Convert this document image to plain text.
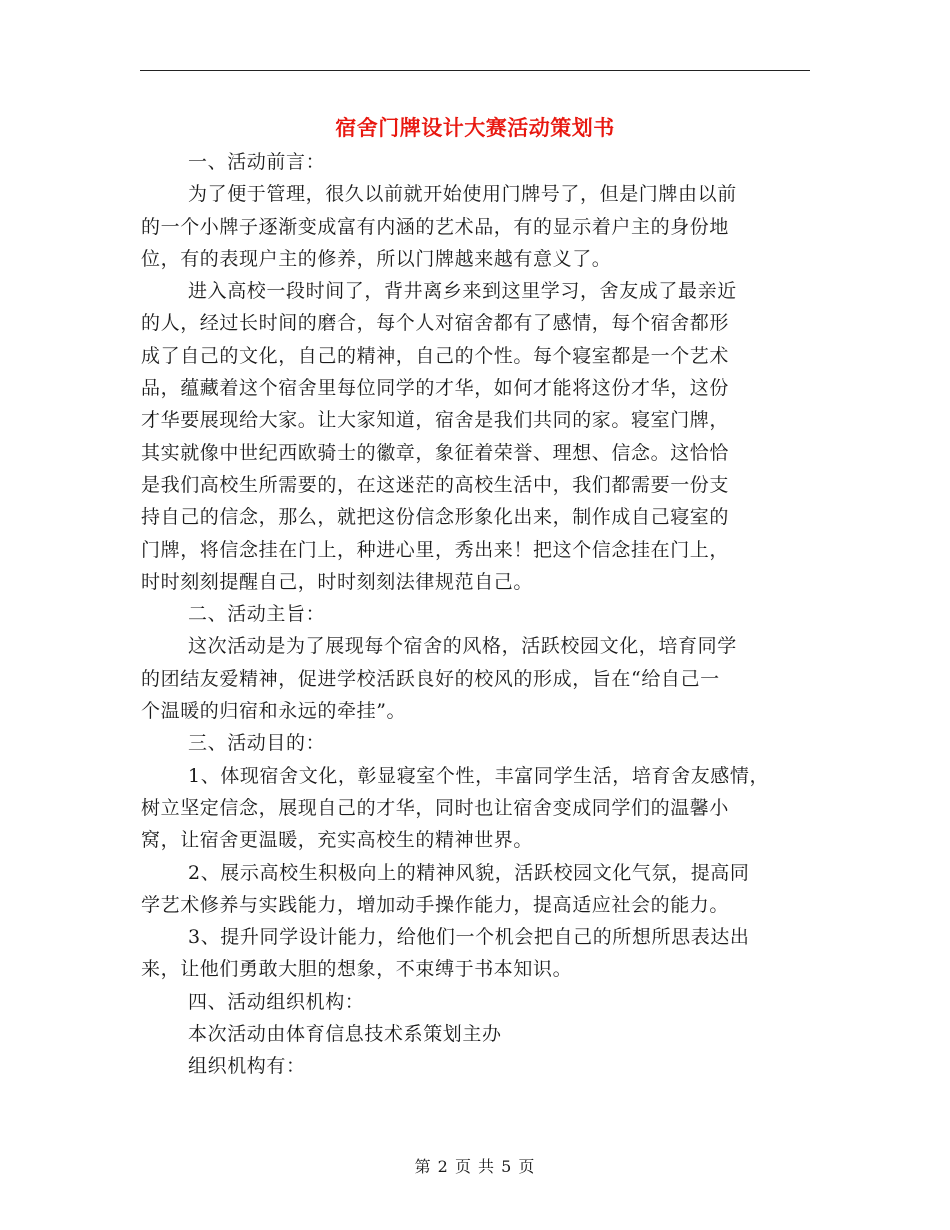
宿舍门牌设计大赛活动策划书
一、活动前言：
为了便于管理，很久以前就开始使用门牌号了，但是门牌由以前
的一个小牌子逐渐变成富有内涵的艺术品，有的显示着户主的身份地
位，有的表现户主的修养，所以门牌越来越有意义了。
进入高校一段时间了，背井离乡来到这里学习，舍友成了最亲近
的人，经过长时间的磨合，每个人对宿舍都有了感情，每个宿舍都形
成了自己的文化，自己的精神，自己的个性。每个寝室都是一个艺术
品，蕴藏着这个宿舍里每位同学的才华，如何才能将这份才华，这份
才华要展现给大家。让大家知道，宿舍是我们共同的家。寝室门牌，
其实就像中世纪西欧骑士的徽章，象征着荣誉、理想、信念。这恰恰
是我们高校生所需要的，在这迷茫的高校生活中，我们都需要一份支
持自己的信念，那么，就把这份信念形象化出来，制作成自己寝室的
门牌，将信念挂在门上，种进心里，秀出来！把这个信念挂在门上，
时时刻刻提醒自己，时时刻刻法律规范自己。
二、活动主旨：
这次活动是为了展现每个宿舍的风格，活跃校园文化，培育同学
的团结友爱精神，促进学校活跃良好的校风的形成，旨在“给自己一
个温暖的归宿和永远的牵挂”。
三、活动目的：
1、体现宿舍文化，彰显寝室个性，丰富同学生活，培育舍友感情，
树立坚定信念，展现自己的才华，同时也让宿舍变成同学们的温馨小
窝，让宿舍更温暖，充实高校生的精神世界。
2、展示高校生积极向上的精神风貌，活跃校园文化气氛，提高同
学艺术修养与实践能力，增加动手操作能力，提高适应社会的能力。
3、提升同学设计能力，给他们一个机会把自己的所想所思表达出
来，让他们勇敢大胆的想象，不束缚于书本知识。
四、活动组织机构：
本次活动由体育信息技术系策划主办
组织机构有：
第 2 页 共 5 页
